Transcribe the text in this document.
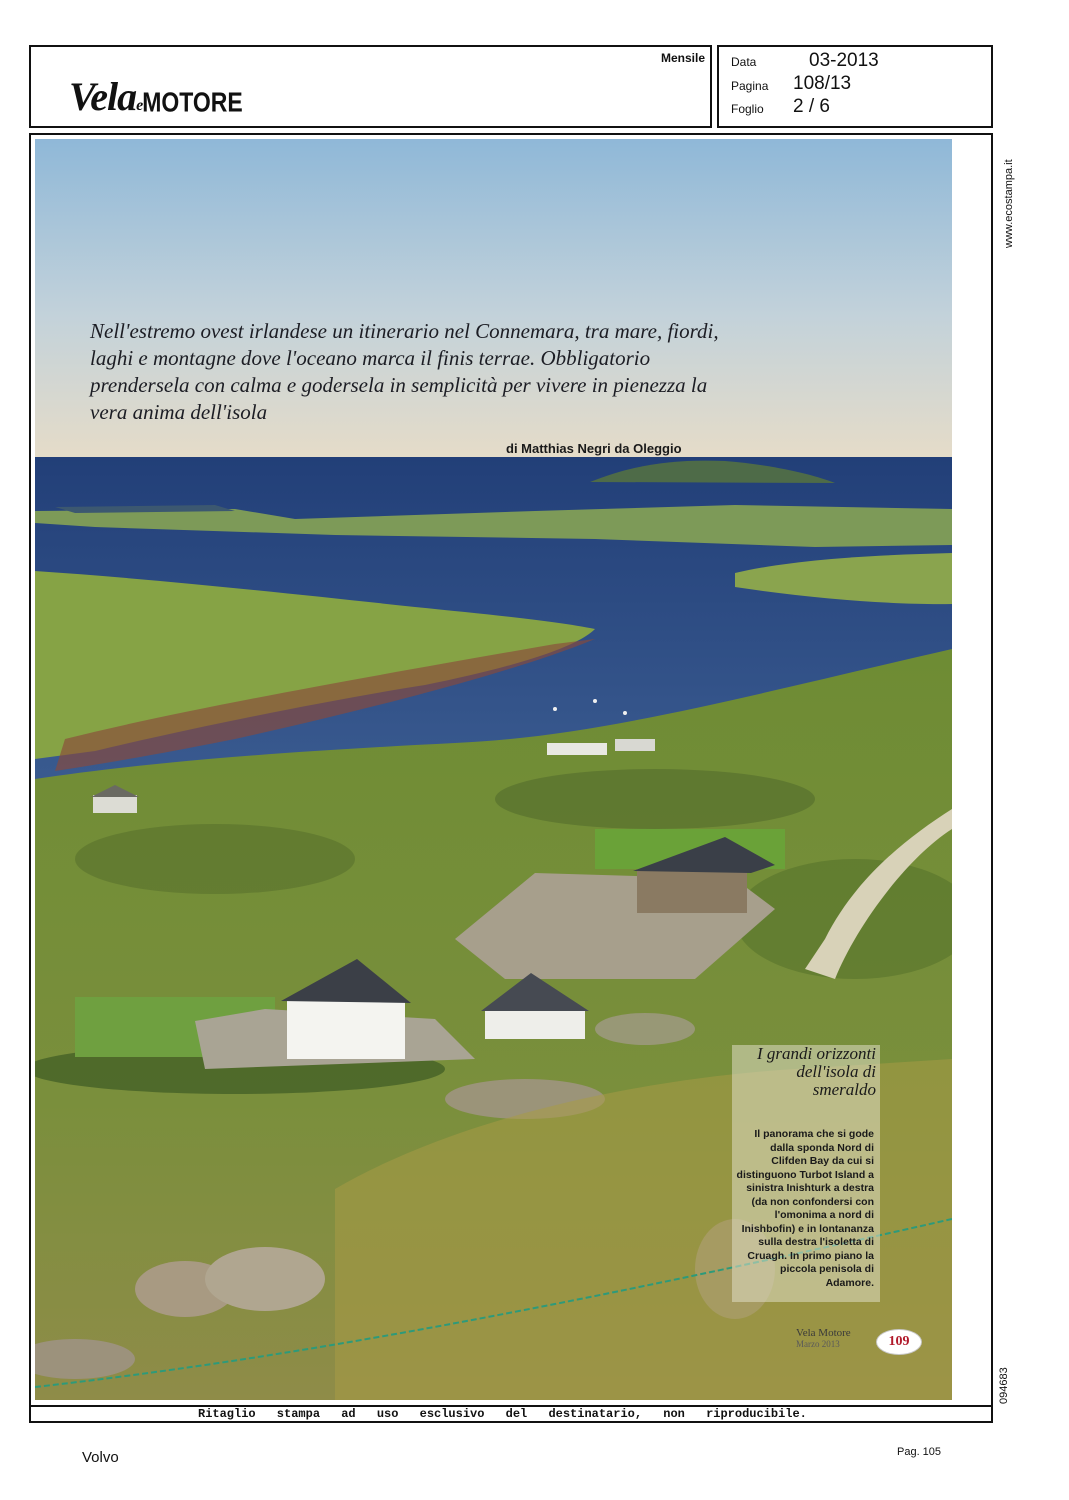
VelaeMOTORE
Mensile Data	03-2013
Pagina 108/13
Foglio 2 / 6
Nell'estremo ovest irlandese un itinerario nel Connemara, tra mare, fiordi, laghi e montagne dove l'oceano marca il finis terrae. Obbligatorio prendersela con calma e godersela in semplicità per vivere in pienezza la vera anima dell'isola
di Matthias Negri da Oleggio
I grandi orizzonti dell'isola di smeraldo
Il panorama che si gode dalla sponda Nord di Clifden Bay da cui si distinguono Turbot Island a sinistra Inishturk a destra (da non confondersi con l'omonima a nord di Inishbofin) e in lontananza sulla destra l'isoletta di Cruagh. In primo piano la piccola penisola di Adamore.
Vela Motore
Marzo 2013	109
www.ecostampa.it
094683
Ritaglio stampa ad uso esclusivo del destinatario, non riproducibile.
Volvo	Pag. 105
